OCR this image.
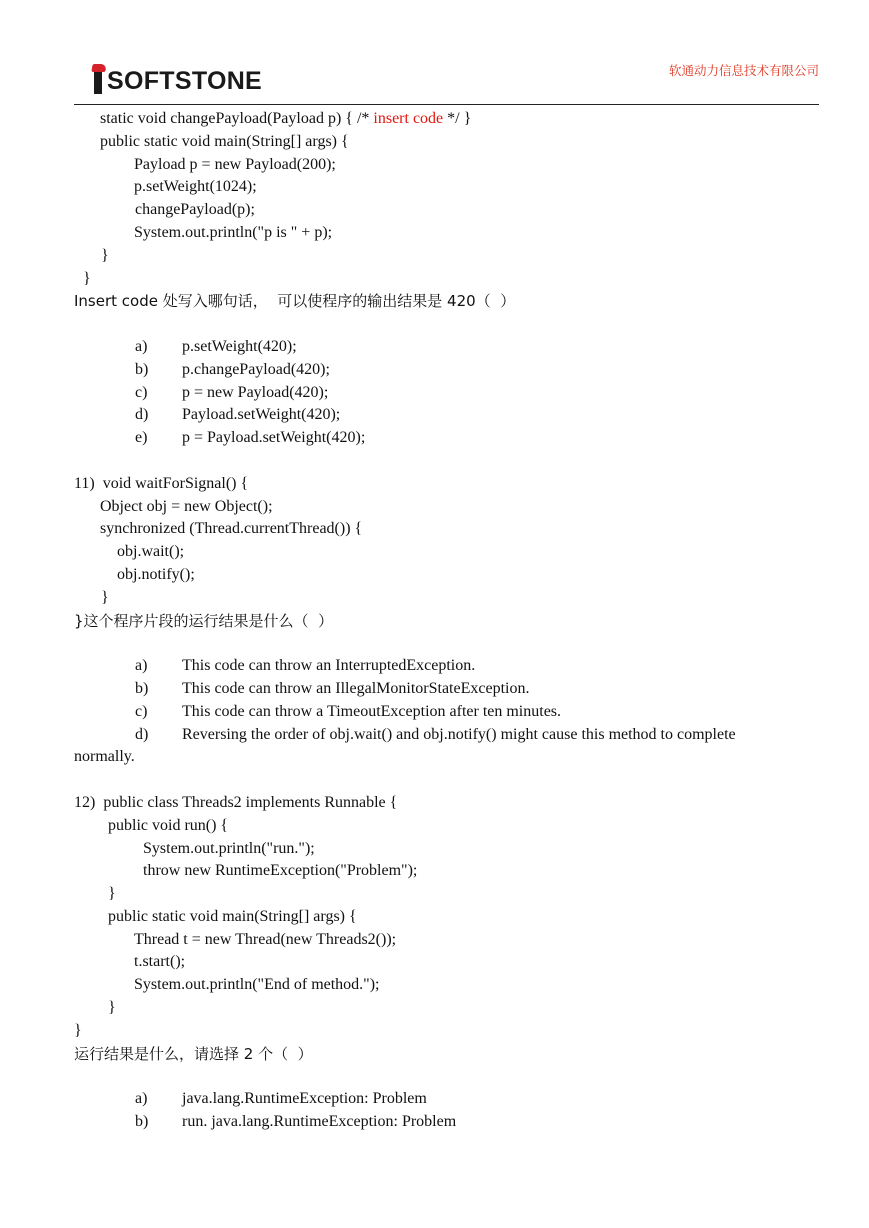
SOFTSTONE	软通动力信息技术有限公司
static void changePayload(Payload p) { /* insert code */ }
public static void main(String[] args) {
Payload p = new Payload(200);
p.setWeight(1024);
changePayload(p);
System.out.println("p is " + p);
}
}
Insert code 处写入哪句话，  可以使程序的输出结果是 420（  ）
a)	p.setWeight(420);
b)	p.changePayload(420);
c)	p = new Payload(420);
d)	Payload.setWeight(420);
e)	p = Payload.setWeight(420);
11)  void waitForSignal() {
Object obj = new Object();
synchronized (Thread.currentThread()) {
obj.wait();
obj.notify();
}
}这个程序片段的运行结果是什么（  ）
a)	This code can throw an InterruptedException.
b)	This code can throw an IllegalMonitorStateException.
c)	This code can throw a TimeoutException after ten minutes.
d)	Reversing the order of obj.wait() and obj.notify() might cause this method to complete
normally.
12)  public class Threads2 implements Runnable {
public void run() {
System.out.println("run.");
throw new RuntimeException("Problem");
}
public static void main(String[] args) {
Thread t = new Thread(new Threads2());
t.start();
System.out.println("End of method.");
}
}
运行结果是什么，请选择 2 个（  ）
a)	java.lang.RuntimeException: Problem
b)	run. java.lang.RuntimeException: Problem
